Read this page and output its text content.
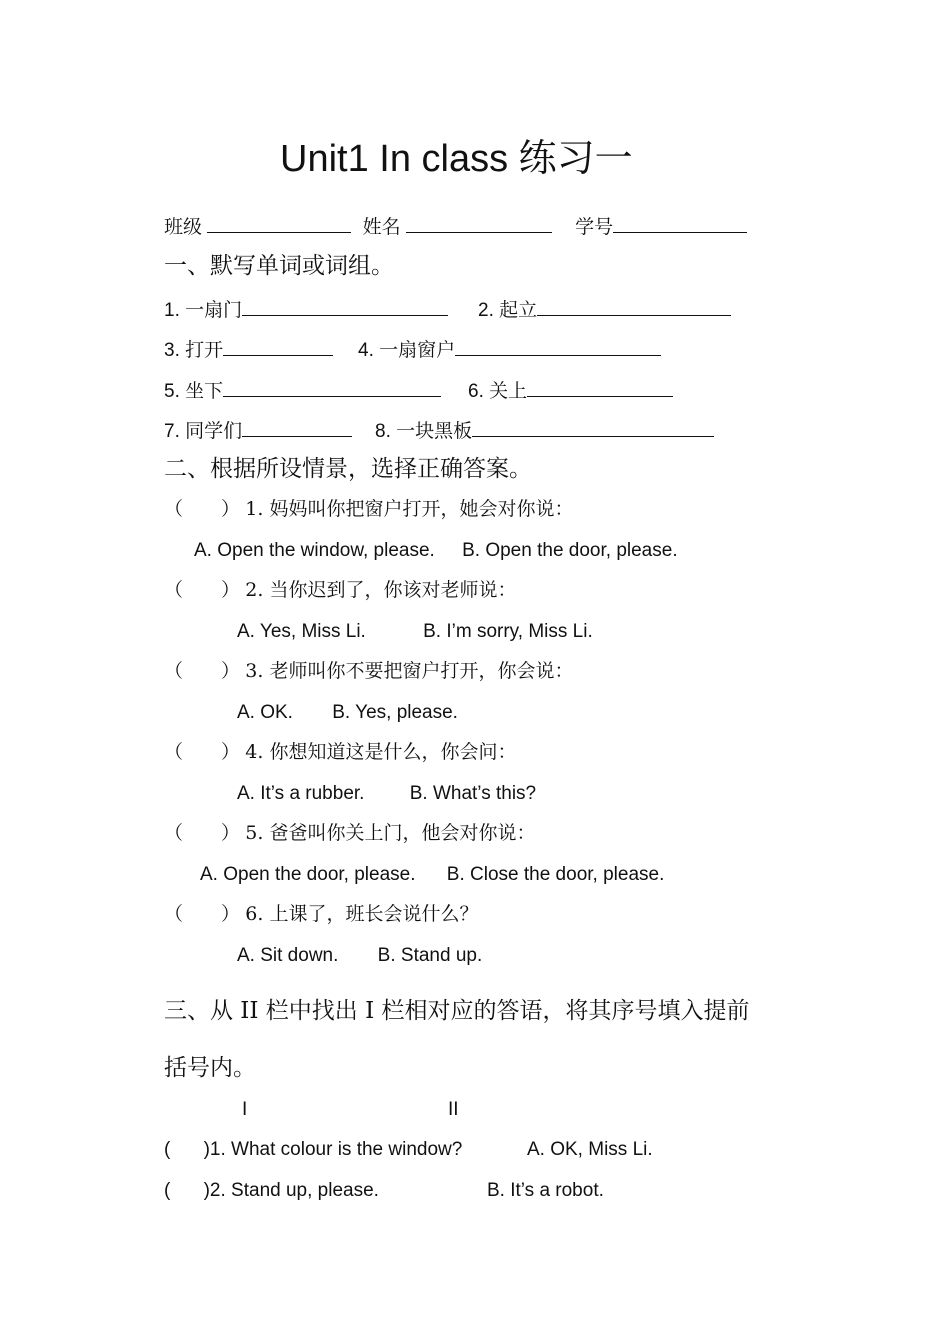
Unit1 In class 练习一
班级	姓名	学号
一、默写单词或词组。
1. 一扇门	2. 起立
3. 打开	4. 一扇窗户
5. 坐下	6. 关上
7. 同学们	8. 一块黑板
二、根据所设情景，选择正确答案。
（　　） 1. 妈妈叫你把窗户打开，她会对你说：
A. Open the window, please. B. Open the door, please.
（　　） 2. 当你迟到了，你该对老师说：
A. Yes, Miss Li.	B. I’m sorry, Miss Li.
（　　） 3. 老师叫你不要把窗户打开，你会说：
A. OK. B. Yes, please.
（　　） 4. 你想知道这是什么，你会问：
A. It’s a rubber. B. What’s this?
（　　） 5. 爸爸叫你关上门，他会对你说：
A. Open the door, please. B. Close the door, please.
（　　） 6. 上课了，班长会说什么？
A. Sit down. B. Stand up.
三、从 II 栏中找出 I 栏相对应的答语，将其序号填入提前
括号内。
I	II
( )1. What colour is the window?	A. OK, Miss Li.
( )2. Stand up, please.	B. It’s a robot.
